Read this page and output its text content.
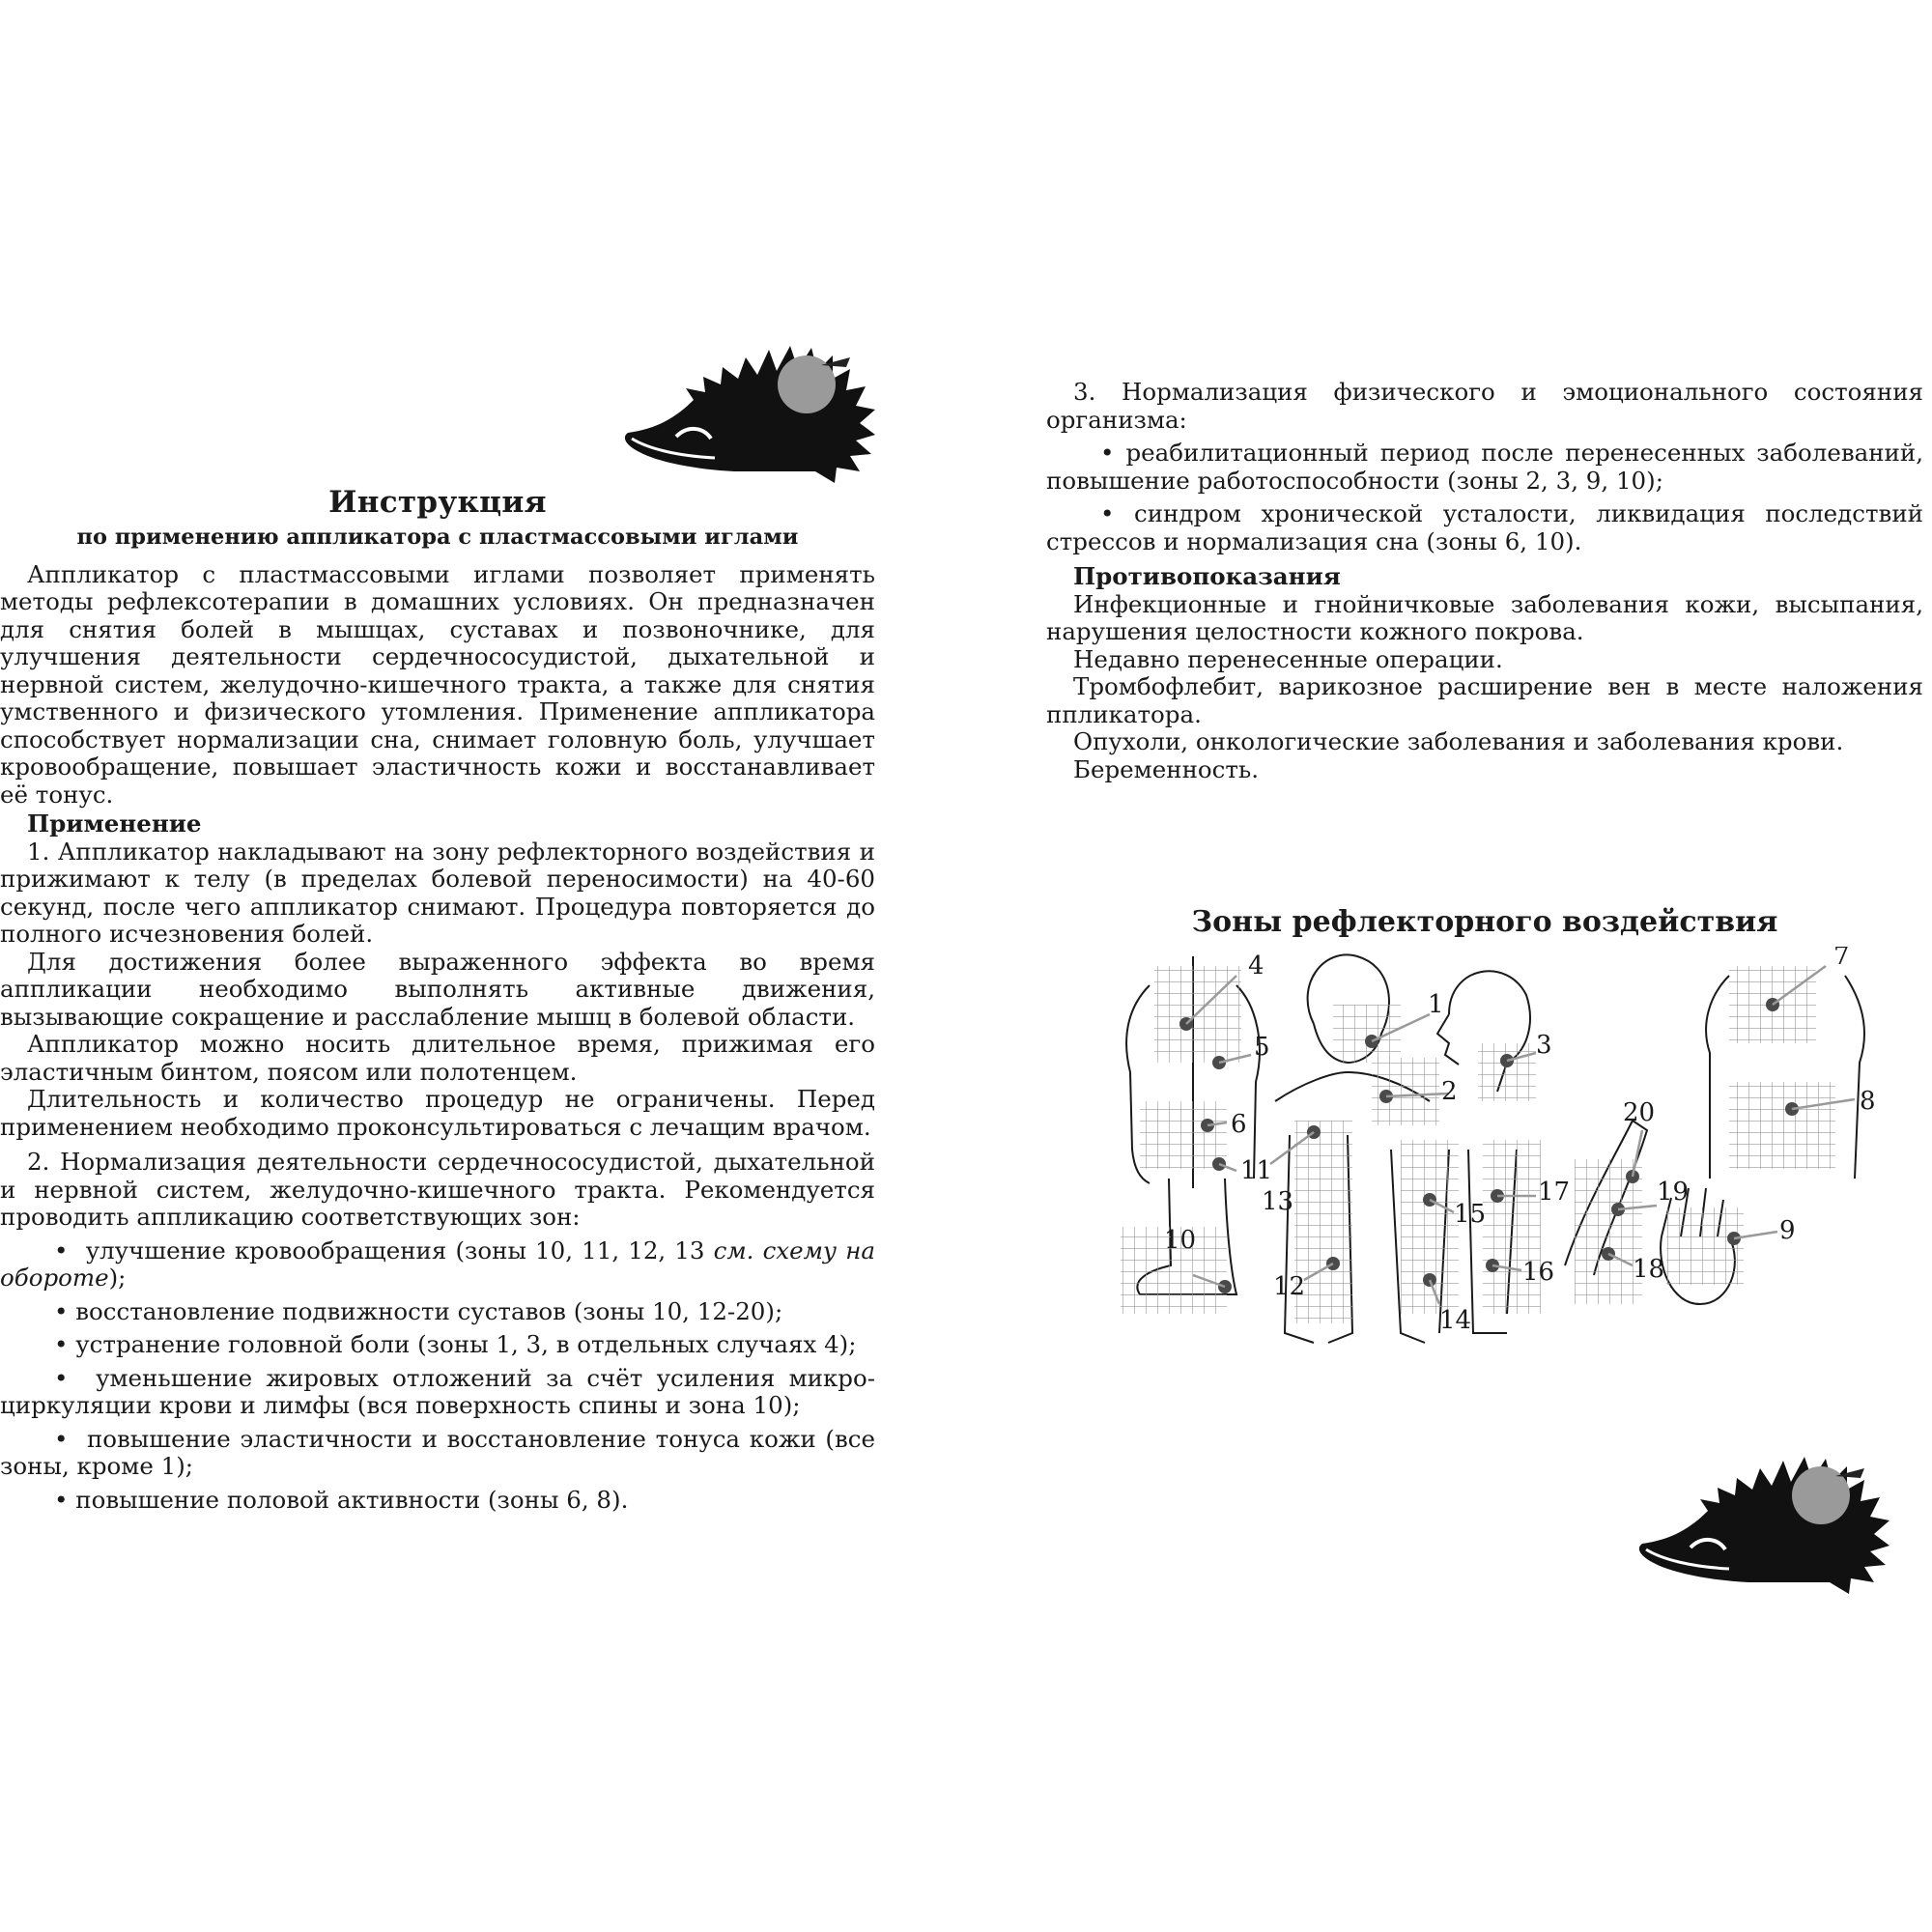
Инструкция

по применению аппликатора с пластмассовыми иглами

Аппликатор с пластмассовыми иглами позволяет применять методы рефлексотерапии в домашних условиях. Он предназначен для снятия болей в мышцах, суставах и позвоночнике, для улучшения деятельности сердечнососудистой, дыхательной и нервной систем, желудочно-кишечного тракта, а также для снятия умственного и физического утомления. Применение аппликатора способствует нормализации сна, снимает головную боль, улучшает кровообращение, повышает эластичность кожи и восстанавливает её тонус.

Применение

1. Аппликатор накладывают на зону рефлекторного воздействия и прижимают к телу (в пределах болевой переносимости) на 40-60 секунд, после чего аппликатор снимают. Процедура повторяется до полного исчезновения болей.

Для достижения более выраженного эффекта во время аппликации необходимо выполнять активные движения, вызывающие сокращение и расслабление мышц в болевой области.

Аппликатор можно носить длительное время, прижимая его эластичным бинтом, поясом или полотенцем.

Длительность и количество процедур не ограничены. Перед применением необходимо проконсультироваться с лечащим врачом.

2. Нормализация деятельности сердечнососудистой, дыхательной и нервной систем, желудочно-кишечного тракта. Рекомендуется проводить аппликацию соответствующих зон:

• улучшение кровообращения (зоны 10, 11, 12, 13 см. схему на обороте);

• восстановление подвижности суставов (зоны 10, 12-20);

• устранение головной боли (зоны 1, 3, в отдельных случаях 4);

• уменьшение жировых отложений за счёт усиления микро-циркуляции крови и лимфы (вся поверхность спины и зона 10);

• повышение эластичности и восстановление тонуса кожи (все зоны, кроме 1);

• повышение половой активности (зоны 6, 8).

3. Нормализация физического и эмоционального состояния организма:

• реабилитационный период после перенесенных заболеваний, повышение работоспособности (зоны 2, 3, 9, 10);

• синдром хронической усталости, ликвидация последствий стрессов и нормализация сна (зоны 6, 10).

Противопоказания

Инфекционные и гнойничковые заболевания кожи, высыпания, нарушения целостности кожного покрова.

Недавно перенесенные операции.

Тромбофлебит, варикозное расширение вен в месте наложения ппликатора.

Опухоли, онкологические заболевания и заболевания крови.

Беременность.

Зоны рефлекторного воздействия

1
2
3
4
5
6
7
8
9
10
11
12
13
14
15
16
17
18
19
20
